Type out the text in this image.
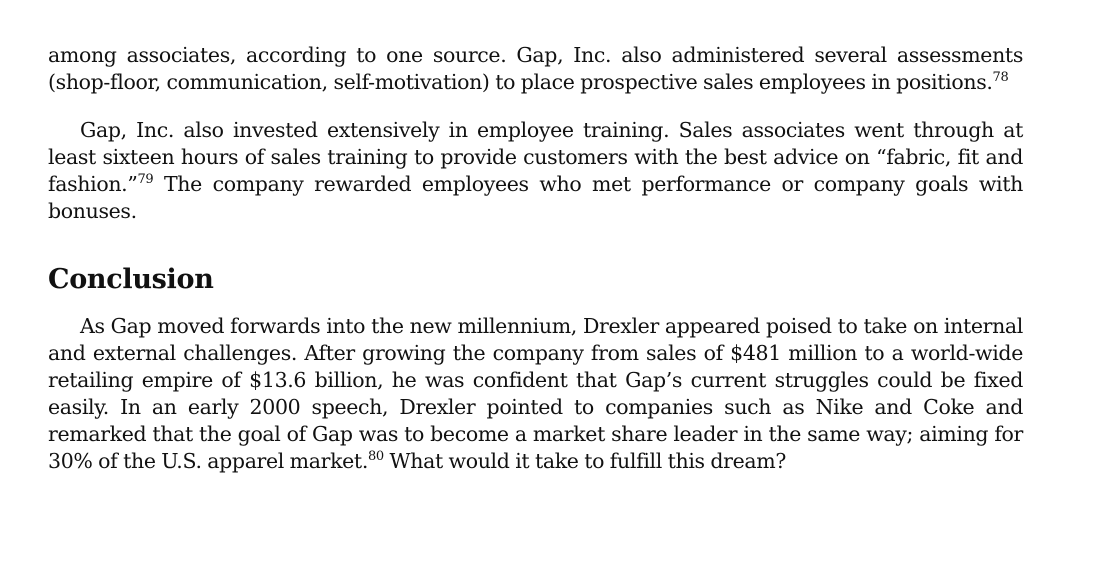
among associates, according to one source. Gap, Inc. also administered several assessments (shop-floor, communication, self-motivation) to place prospective sales employees in positions.$^{78}$

Gap, Inc. also invested extensively in employee training. Sales associates went through at least sixteen hours of sales training to provide customers with the best advice on “fabric, fit and fashion.”$^{79}$ The company rewarded employees who met performance or company goals with bonuses.

Conclusion

As Gap moved forwards into the new millennium, Drexler appeared poised to take on internal and external challenges. After growing the company from sales of $481 million to a world-wide retailing empire of $13.6 billion, he was confident that Gap’s current struggles could be fixed easily. In an early 2000 speech, Drexler pointed to companies such as Nike and Coke and remarked that the goal of Gap was to become a market share leader in the same way; aiming for 30% of the U.S. apparel market.$^{80}$ What would it take to fulfill this dream?
